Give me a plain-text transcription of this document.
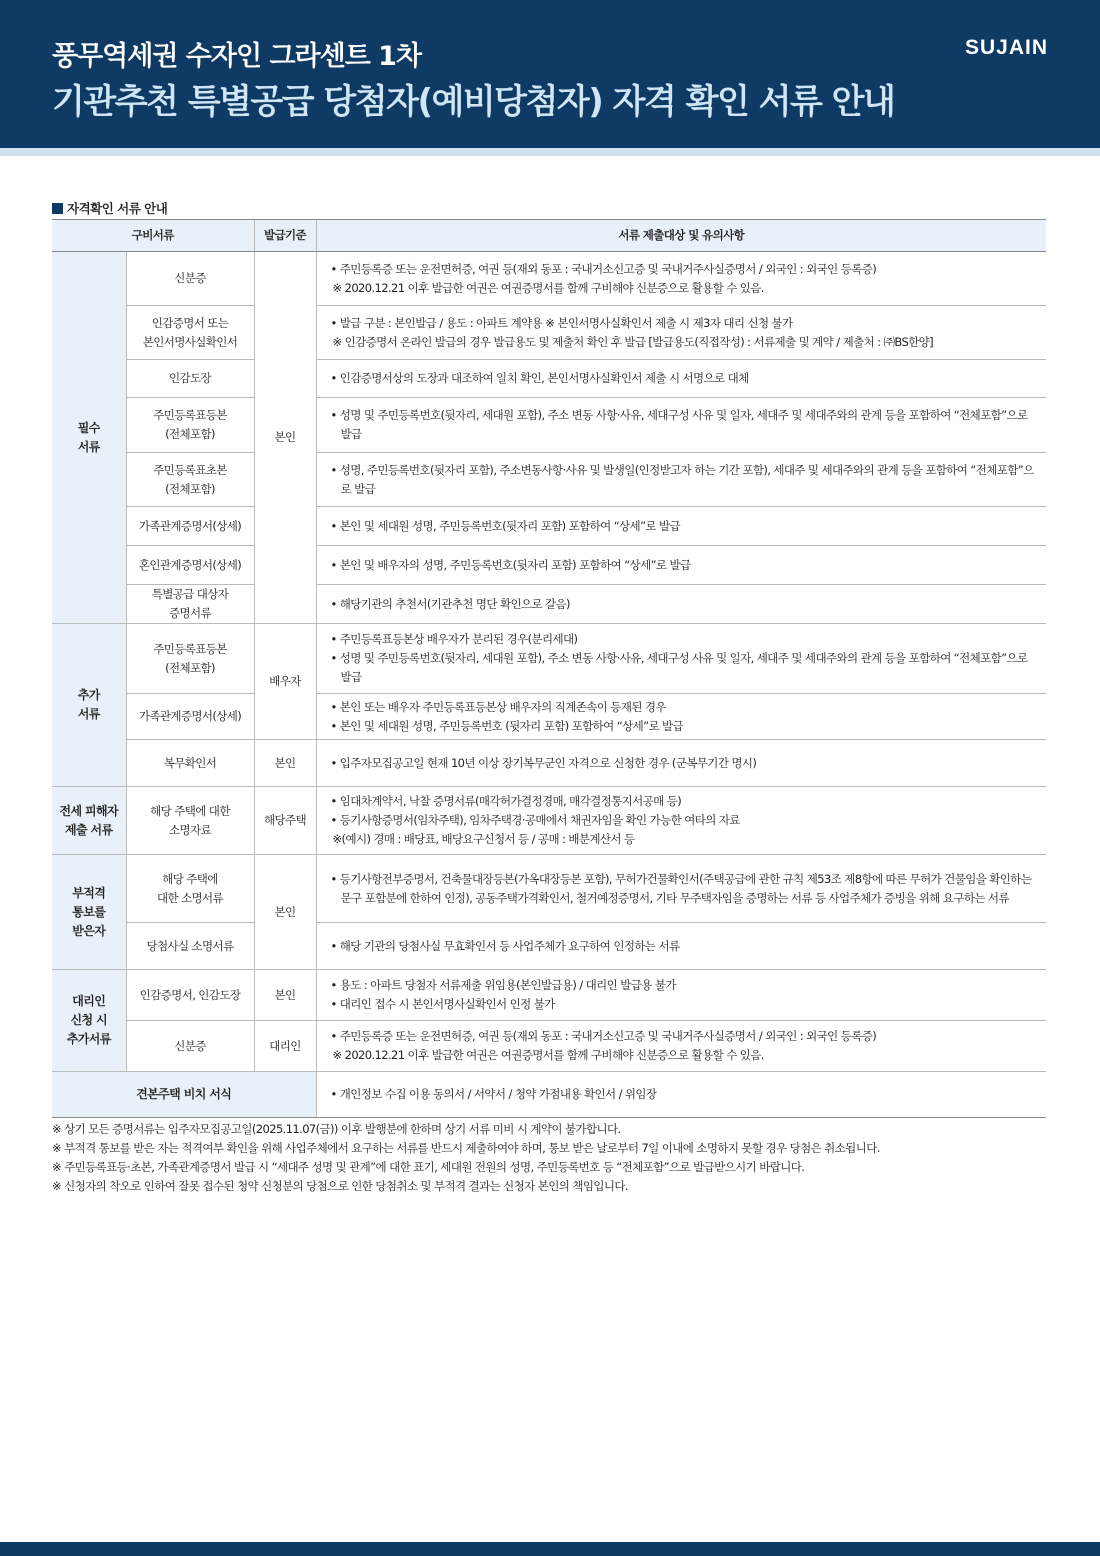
풍무역세권 수자인 그라센트 1차
기관추천 특별공급 당첨자(예비당첨자) 자격 확인 서류 안내
SUJAIN
자격확인 서류 안내
구비서류		발급기준	서류 제출대상 및 유의사항
필수
서류	신분증	본인	• 주민등록증 또는 운전면허증, 여권 등(재외 동포 : 국내거소신고증 및 국내거주사실증명서 / 외국인 : 외국인 등록증)
※ 2020.12.21 이후 발급한 여권은 여권증명서를 함께 구비해야 신분증으로 활용할 수 있음.

	인감증명서 또는
본인서명사실확인서		• 발급 구분 : 본인발급 / 용도 : 아파트 계약용 ※ 본인서명사실확인서 제출 시 제3자 대리 신청 불가
※ 인감증명서 온라인 발급의 경우 발급용도 및 제출처 확인 후 발급 [발급용도(직접작성) : 서류제출 및 계약 / 제출처 : ㈜BS한양]

	인감도장		• 인감증명서상의 도장과 대조하여 일치 확인, 본인서명사실확인서 제출 시 서명으로 대체

	주민등록표등본
(전체포함)		• 성명 및 주민등록번호(뒷자리, 세대원 포함), 주소 변동 사항·사유, 세대구성 사유 및 일자, 세대주 및 세대주와의 관계 등을 포함하여 “전체포함”으로 발급

	주민등록표초본
(전체포함)		• 성명, 주민등록번호(뒷자리 포함), 주소변동사항·사유 및 발생일(인정받고자 하는 기간 포함), 세대주 및 세대주와의 관계 등을 포함하여 “전체포함”으로 발급

	가족관계증명서(상세)		• 본인 및 세대원 성명, 주민등록번호(뒷자리 포함) 포함하여 “상세”로 발급

	혼인관계증명서(상세)		• 본인 및 배우자의 성명, 주민등록번호(뒷자리 포함) 포함하여 “상세”로 발급

	특별공급 대상자
증명서류		• 해당기관의 추천서(기관추천 명단 확인으로 갈음)

추가
서류	주민등록표등본
(전체포함)	배우자	• 주민등록표등본상 배우자가 분리된 경우(분리세대)
• 성명 및 주민등록번호(뒷자리, 세대원 포함), 주소 변동 사항·사유, 세대구성 사유 및 일자, 세대주 및 세대주와의 관계 등을 포함하여 “전체포함”으로 발급

	가족관계증명서(상세)		• 본인 또는 배우자 주민등록표등본상 배우자의 직계존속이 등재된 경우
• 본인 및 세대원 성명, 주민등록번호 (뒷자리 포함) 포함하여 “상세”로 발급

	복무확인서	본인	• 입주자모집공고일 현재 10년 이상 장기복무군인 자격으로 신청한 경우 (군복무기간 명시)

전세 피해자
제출 서류	해당 주택에 대한
소명자료	해당주택	• 임대차계약서, 낙찰 증명서류(매각허가결정경매, 매각결정통지서공매 등)
• 등기사항증명서(임차주택), 임차주택경·공매에서 채권자임을 확인 가능한 여타의 자료
※(예시) 경매 : 배당표, 배당요구신청서 등 / 공매 : 배분계산서 등

부적격
통보를
받은자	해당 주택에
대한 소명서류	본인	• 등기사항전부증명서, 건축물대장등본(가옥대장등본 포함), 무허가건물확인서(주택공급에 관한 규칙 제53조 제8항에 따른 무허가 건물임을 확인하는 문구 포함분에 한하여 인정), 공동주택가격확인서, 철거예정증명서, 기타 무주택자임을 증명하는 서류 등 사업주체가 증빙을 위해 요구하는 서류

	당첨사실 소명서류		• 해당 기관의 당첨사실 무효확인서 등 사업주체가 요구하여 인정하는 서류

대리인
신청 시
추가서류	인감증명서, 인감도장	본인	• 용도 : 아파트 당첨자 서류제출 위임용(본인발급용) / 대리인 발급용 불가
• 대리인 접수 시 본인서명사실확인서 인정 불가

	신분증	대리인	• 주민등록증 또는 운전면허증, 여권 등(재외 동포 : 국내거소신고증 및 국내거주사실증명서 / 외국인 : 외국인 등록증)
※ 2020.12.21 이후 발급한 여권은 여권증명서를 함께 구비해야 신분증으로 활용할 수 있음.

견본주택 비치 서식			• 개인정보 수집 이용 동의서 / 서약서 / 청약 가점내용 확인서 / 위임장
※ 상기 모든 증명서류는 입주자모집공고일(2025.11.07(금)) 이후 발행분에 한하며 상기 서류 미비 시 계약이 불가합니다.
※ 부적격 통보를 받은 자는 적격여부 확인을 위해 사업주체에서 요구하는 서류를 반드시 제출하여야 하며, 통보 받은 날로부터 7일 이내에 소명하지 못할 경우 당첨은 취소됩니다.
※ 주민등록표등·초본, 가족관계증명서 발급 시 “세대주 성명 및 관계”에 대한 표기, 세대원 전원의 성명, 주민등록번호 등 “전체포함”으로 발급받으시기 바랍니다.
※ 신청자의 착오로 인하여 잘못 접수된 청약 신청분의 당첨으로 인한 당첨취소 및 부적격 결과는 신청자 본인의 책임입니다.
